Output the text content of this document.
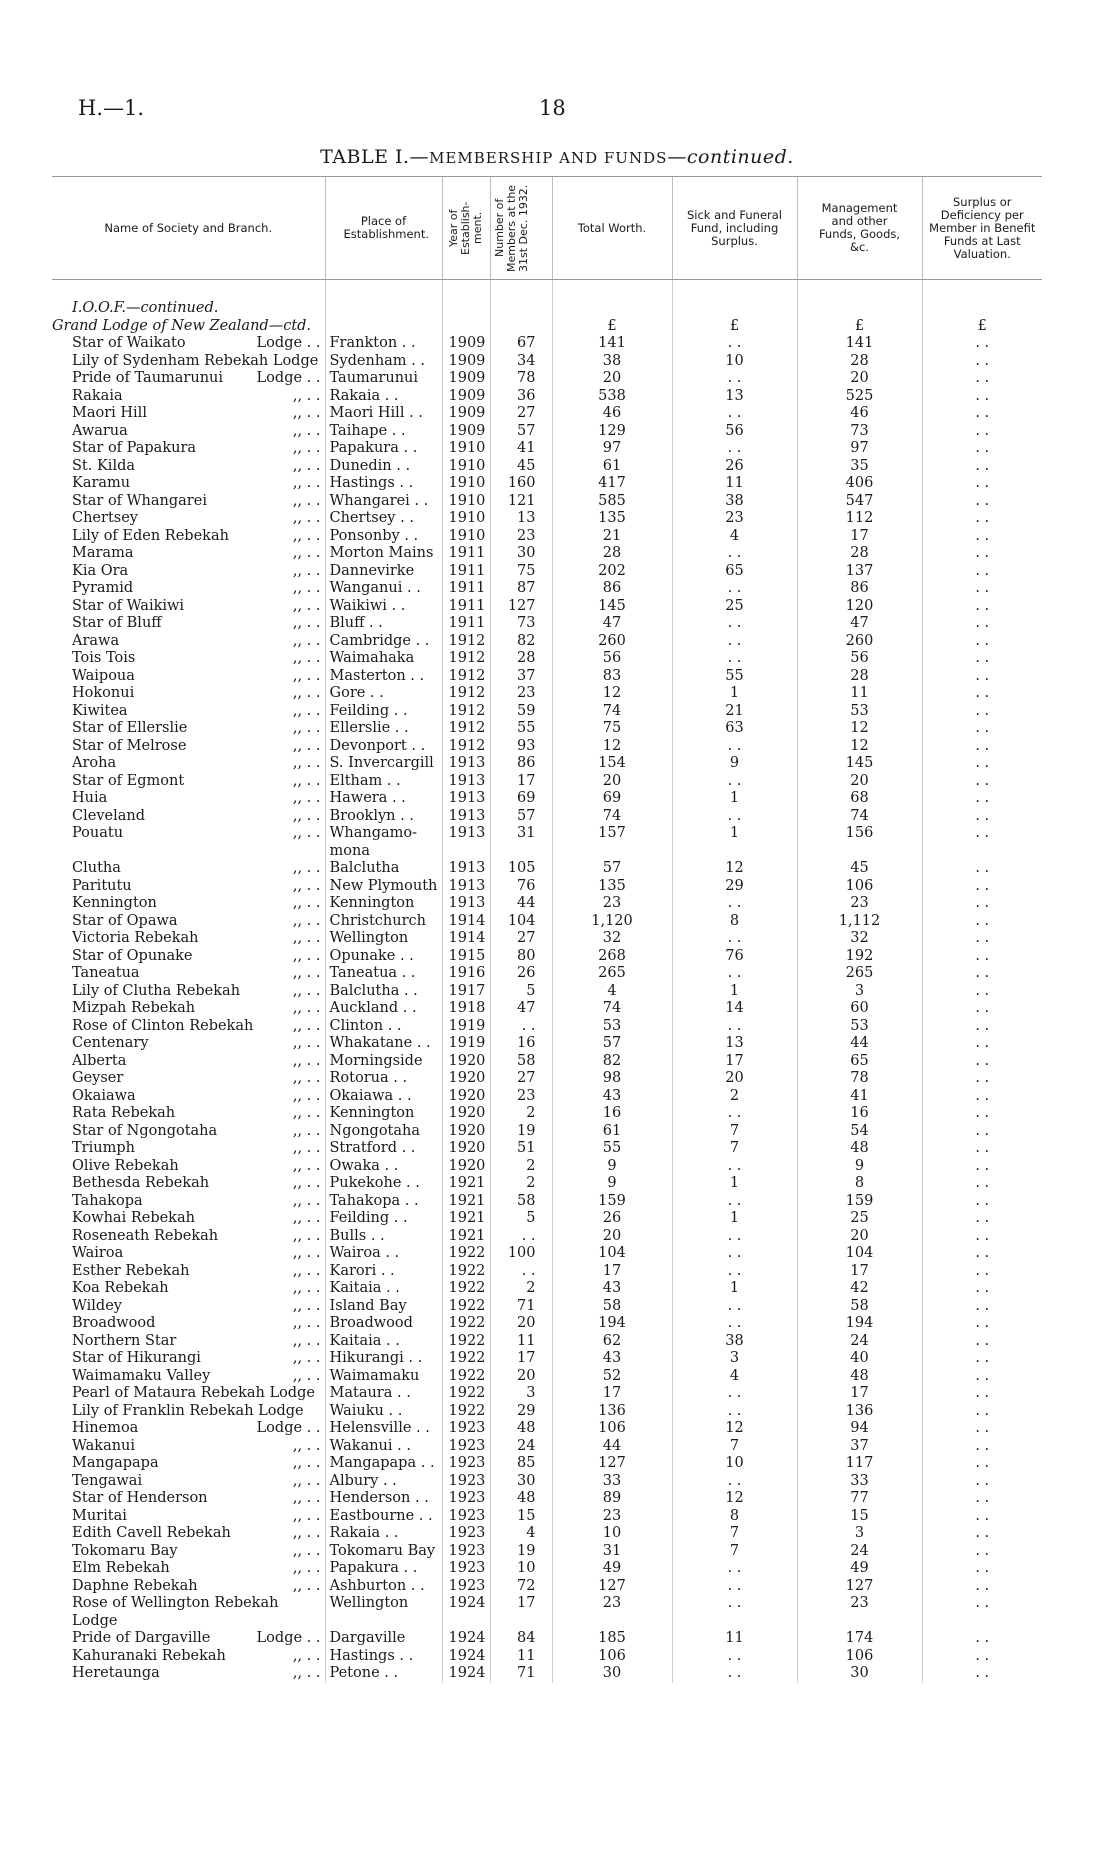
H.—1.	18
TABLE I.—MEMBERSHIP AND FUNDS—continued.
Name of Society and Branch.	Place of Establishment.	Year of Establish- ment.	Number of Members at the 31st Dec. 1932.	Total Worth.	Sick and Funeral Fund, including Surplus.	Management and other Funds, Goods, &c.	Surplus or Deficiency per Member in Benefit Funds at Last Valuation.
I.O.O.F.—continued.							
Grand Lodge of New Zealand—ctd.				£	£	£	£

Star of Waikato Lodge . .	Frankton . .	1909	67	141	. .	141	. .
Lily of Sydenham Rebekah Lodge	Sydenham . .	1909	34	38	10	28	. .

Pride of Taumarunui Lodge . .	Taumarunui	1909	78	20	. .	20	. .

Rakaia ,, . .	Rakaia . .	1909	36	538	13	525	. .

Maori Hill ,, . .	Maori Hill . .	1909	27	46	. .	46	. .

Awarua ,, . .	Taihape . .	1909	57	129	56	73	. .

Star of Papakura ,, . .	Papakura . .	1910	41	97	. .	97	. .

St. Kilda ,, . .	Dunedin . .	1910	45	61	26	35	. .

Karamu ,, . .	Hastings . .	1910	160	417	11	406	. .

Star of Whangarei ,, . .	Whangarei . .	1910	121	585	38	547	. .

Chertsey ,, . .	Chertsey . .	1910	13	135	23	112	. .

Lily of Eden Rebekah ,, . .	Ponsonby . .	1910	23	21	4	17	. .

Marama ,, . .	Morton Mains	1911	30	28	. .	28	. .

Kia Ora ,, . .	Dannevirke	1911	75	202	65	137	. .

Pyramid ,, . .	Wanganui . .	1911	87	86	. .	86	. .

Star of Waikiwi ,, . .	Waikiwi . .	1911	127	145	25	120	. .

Star of Bluff ,, . .	Bluff . .	1911	73	47	. .	47	. .

Arawa ,, . .	Cambridge . .	1912	82	260	. .	260	. .

Tois Tois ,, . .	Waimahaka	1912	28	56	. .	56	. .

Waipoua ,, . .	Masterton . .	1912	37	83	55	28	. .

Hokonui ,, . .	Gore . .	1912	23	12	1	11	. .

Kiwitea ,, . .	Feilding . .	1912	59	74	21	53	. .

Star of Ellerslie ,, . .	Ellerslie . .	1912	55	75	63	12	. .

Star of Melrose ,, . .	Devonport . .	1912	93	12	. .	12	. .

Aroha ,, . .	S. Invercargill	1913	86	154	9	145	. .

Star of Egmont ,, . .	Eltham . .	1913	17	20	. .	20	. .

Huia ,, . .	Hawera . .	1913	69	69	1	68	. .

Cleveland ,, . .	Brooklyn . .	1913	57	74	. .	74	. .

Pouatu ,, . .	Whangamo- mona	1913	31	157	1	156	. .

Clutha ,, . .	Balclutha	1913	105	57	12	45	. .

Paritutu ,, . .	New Plymouth	1913	76	135	29	106	. .

Kennington ,, . .	Kennington	1913	44	23	. .	23	. .

Star of Opawa ,, . .	Christchurch	1914	104	1,120	8	1,112	. .

Victoria Rebekah ,, . .	Wellington	1914	27	32	. .	32	. .

Star of Opunake ,, . .	Opunake . .	1915	80	268	76	192	. .

Taneatua ,, . .	Taneatua . .	1916	26	265	. .	265	. .

Lily of Clutha Rebekah ,, . .	Balclutha . .	1917	5	4	1	3	. .

Mizpah Rebekah ,, . .	Auckland . .	1918	47	74	14	60	. .

Rose of Clinton Rebekah ,, . .	Clinton . .	1919	. .	53	. .	53	. .

Centenary ,, . .	Whakatane . .	1919	16	57	13	44	. .

Alberta ,, . .	Morningside	1920	58	82	17	65	. .

Geyser ,, . .	Rotorua . .	1920	27	98	20	78	. .

Okaiawa ,, . .	Okaiawa . .	1920	23	43	2	41	. .

Rata Rebekah ,, . .	Kennington	1920	2	16	. .	16	. .

Star of Ngongotaha ,, . .	Ngongotaha	1920	19	61	7	54	. .

Triumph ,, . .	Stratford . .	1920	51	55	7	48	. .

Olive Rebekah ,, . .	Owaka . .	1920	2	9	. .	9	. .

Bethesda Rebekah ,, . .	Pukekohe . .	1921	2	9	1	8	. .

Tahakopa ,, . .	Tahakopa . .	1921	58	159	. .	159	. .

Kowhai Rebekah ,, . .	Feilding . .	1921	5	26	1	25	. .

Roseneath Rebekah ,, . .	Bulls . .	1921	. .	20	. .	20	. .

Wairoa ,, . .	Wairoa . .	1922	100	104	. .	104	. .

Esther Rebekah ,, . .	Karori . .	1922	. .	17	. .	17	. .

Koa Rebekah ,, . .	Kaitaia . .	1922	2	43	1	42	. .

Wildey ,, . .	Island Bay	1922	71	58	. .	58	. .

Broadwood ,, . .	Broadwood	1922	20	194	. .	194	. .

Northern Star ,, . .	Kaitaia . .	1922	11	62	38	24	. .

Star of Hikurangi ,, . .	Hikurangi . .	1922	17	43	3	40	. .

Waimamaku Valley ,, . .	Waimamaku	1922	20	52	4	48	. .
Pearl of Mataura Rebekah Lodge	Mataura . .	1922	3	17	. .	17	. .
Lily of Franklin Rebekah Lodge	Waiuku . .	1922	29	136	. .	136	. .

Hinemoa Lodge . .	Helensville . .	1923	48	106	12	94	. .

Wakanui ,, . .	Wakanui . .	1923	24	44	7	37	. .

Mangapapa ,, . .	Mangapapa . .	1923	85	127	10	117	. .

Tengawai ,, . .	Albury . .	1923	30	33	. .	33	. .

Star of Henderson ,, . .	Henderson . .	1923	48	89	12	77	. .

Muritai ,, . .	Eastbourne . .	1923	15	23	8	15	. .

Edith Cavell Rebekah ,, . .	Rakaia . .	1923	4	10	7	3	. .

Tokomaru Bay ,, . .	Tokomaru Bay	1923	19	31	7	24	. .

Elm Rebekah ,, . .	Papakura . .	1923	10	49	. .	49	. .

Daphne Rebekah ,, . .	Ashburton . .	1923	72	127	. .	127	. .
Rose of Wellington Rebekah Lodge	Wellington	1924	17	23	. .	23	. .

Pride of Dargaville Lodge . .	Dargaville	1924	84	185	11	174	. .

Kahuranaki Rebekah ,, . .	Hastings . .	1924	11	106	. .	106	. .

Heretaunga ,, . .	Petone . .	1924	71	30	. .	30	. .
